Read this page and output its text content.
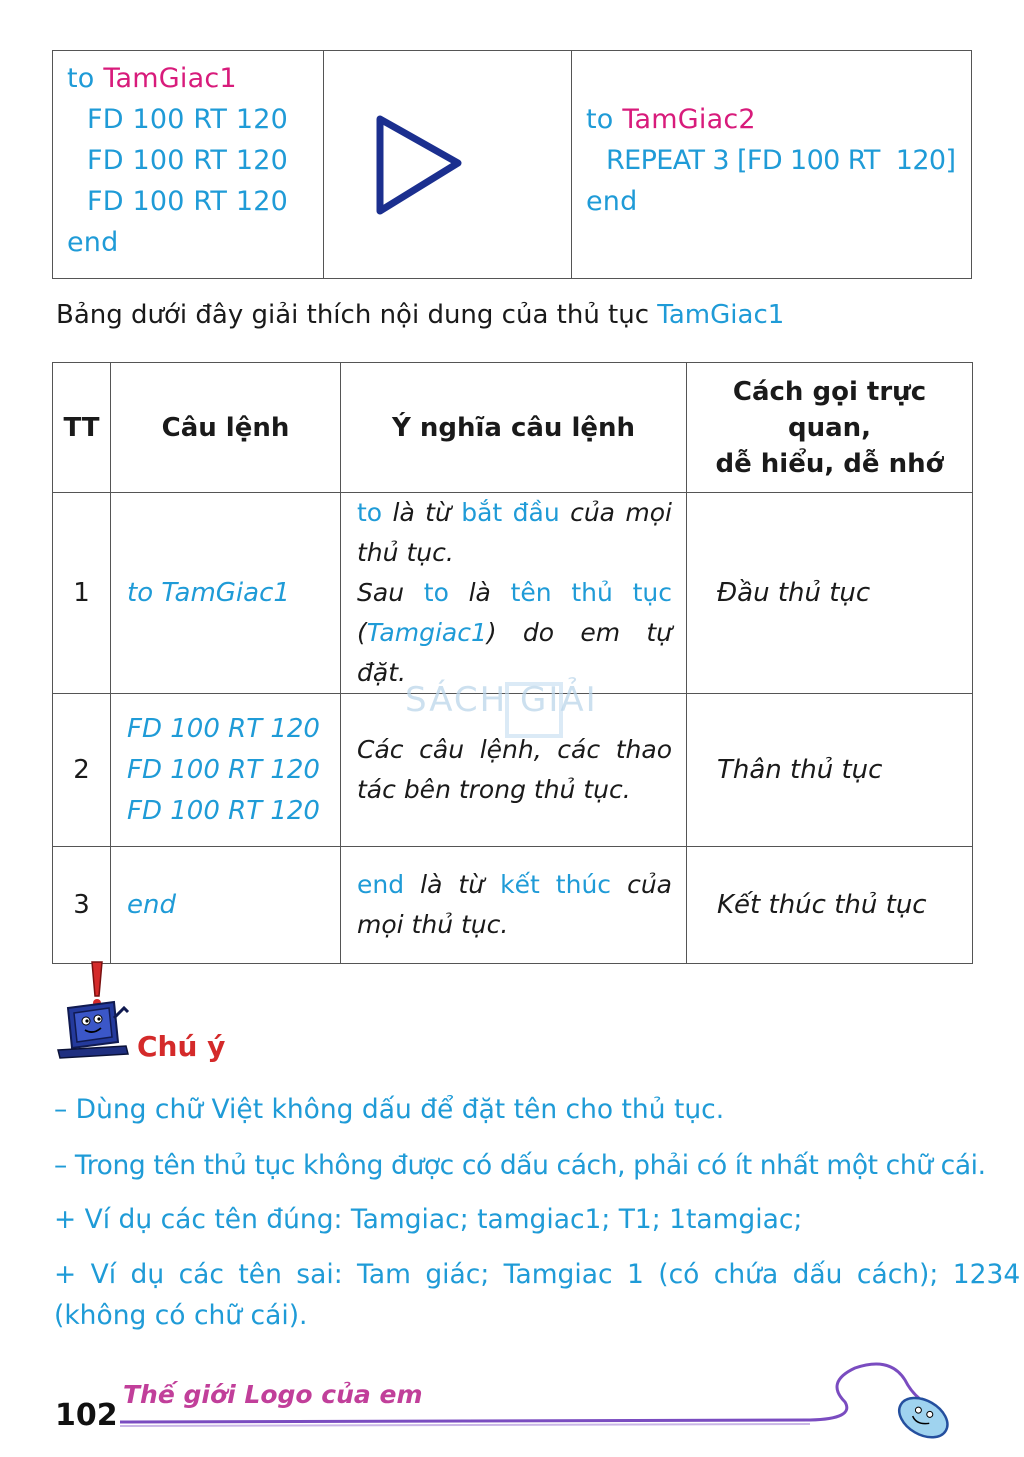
to TamGiac1
FD 100 RT 120
FD 100 RT 120
FD 100 RT 120
end
to TamGiac2
REPEAT 3 [FD 100 RT  120]
end
Bảng dưới đây giải thích nội dung của thủ tục TamGiac1
TT	Câu lệnh	Ý nghĩa câu lệnh	Cách gọi trực quan,
dễ hiểu, dễ nhớ
1	to TamGiac1	to là từ bắt đầu của mọi thủ tục.

Sau to là tên thủ tục (Tamgiac1) do em tự đặt.	Đầu thủ tục
2	FD 100 RT 120
FD 100 RT 120
FD 100 RT 120	Các câu lệnh, các thao tác bên trong thủ tục.	Thân thủ tục
3	end	end là từ kết thúc của mọi thủ tục.	Kết thúc thủ tục
SÁCH GIẢI
Chú ý
– Dùng chữ Việt không dấu để đặt tên cho thủ tục.
– Trong tên thủ tục không được có dấu cách, phải có ít nhất một chữ cái.
+ Ví dụ các tên đúng: Tamgiac; tamgiac1; T1; 1tamgiac;
+ Ví dụ các tên sai: Tam giác; Tamgiac 1 (có chứa dấu cách); 1234
(không có chữ cái).
102
Thế giới Logo của em
